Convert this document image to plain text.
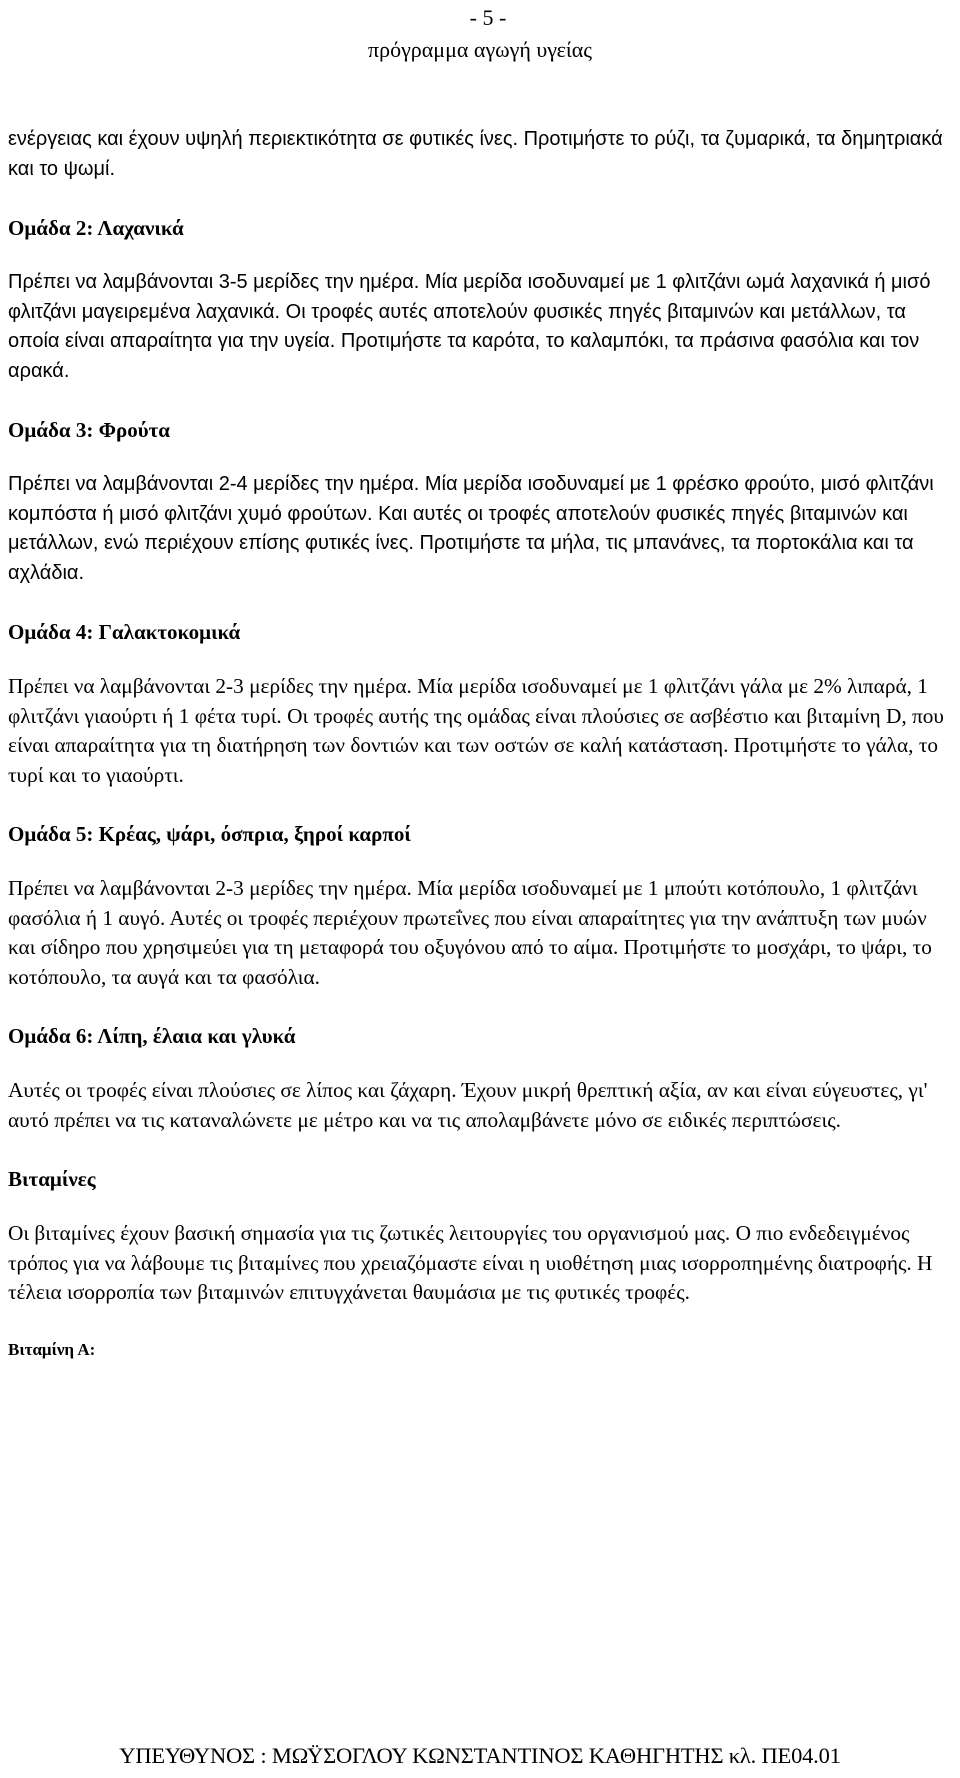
- 5 -
πρόγραμμα αγωγή υγείας

ενέργειας και έχουν υψηλή περιεκτικότητα σε φυτικές ίνες. Προτιμήστε το ρύζι, τα ζυμαρικά, τα δημητριακά και το ψωμί.

Ομάδα 2: Λαχανικά

Πρέπει να λαμβάνονται 3-5 μερίδες την ημέρα. Μία μερίδα ισοδυναμεί με 1 φλιτζάνι ωμά λαχανικά ή μισό φλιτζάνι μαγειρεμένα λαχανικά. Οι τροφές αυτές αποτελούν φυσικές πηγές βιταμινών και μετάλλων, τα οποία είναι απαραίτητα για την υγεία. Προτιμήστε τα καρότα, το καλαμπόκι, τα πράσινα φασόλια και τον αρακά.

Ομάδα 3: Φρούτα

Πρέπει να λαμβάνονται 2-4 μερίδες την ημέρα. Μία μερίδα ισοδυναμεί με 1 φρέσκο φρούτο, μισό φλιτζάνι κομπόστα ή μισό φλιτζάνι χυμό φρούτων. Και αυτές οι τροφές αποτελούν φυσικές πηγές βιταμινών και μετάλλων, ενώ περιέχουν επίσης φυτικές ίνες. Προτιμήστε τα μήλα, τις μπανάνες, τα πορτοκάλια και τα αχλάδια.

Ομάδα 4: Γαλακτοκομικά

Πρέπει να λαμβάνονται 2-3 μερίδες την ημέρα. Μία μερίδα ισοδυναμεί με 1 φλιτζάνι γάλα με 2% λιπαρά, 1 φλιτζάνι γιαούρτι ή 1 φέτα τυρί. Οι τροφές αυτής της ομάδας είναι πλούσιες σε ασβέστιο και βιταμίνη D, που είναι απαραίτητα για τη διατήρηση των δοντιών και των οστών σε καλή κατάσταση. Προτιμήστε το γάλα, το τυρί και το γιαούρτι.

Ομάδα 5: Κρέας, ψάρι, όσπρια, ξηροί καρποί

Πρέπει να λαμβάνονται 2-3 μερίδες την ημέρα. Μία μερίδα ισοδυναμεί με 1 μπούτι κοτόπουλο, 1 φλιτζάνι φασόλια ή 1 αυγό. Αυτές οι τροφές περιέχουν πρωτεΐνες που είναι απαραίτητες για την ανάπτυξη των μυών και σίδηρο που χρησιμεύει για τη μεταφορά του οξυγόνου από το αίμα. Προτιμήστε το μοσχάρι, το ψάρι, το κοτόπουλο, τα αυγά και τα φασόλια.

Ομάδα 6: Λίπη, έλαια και γλυκά

Αυτές οι τροφές είναι πλούσιες σε λίπος και ζάχαρη. Έχουν μικρή θρεπτική αξία, αν και είναι εύγευστες, γι' αυτό πρέπει να τις καταναλώνετε με μέτρο και να τις απολαμβάνετε μόνο σε ειδικές περιπτώσεις.

Βιταμίνες

Οι βιταμίνες έχουν βασική σημασία για τις ζωτικές λειτουργίες του οργανισμού μας. Ο πιο ενδεδειγμένος τρόπος για να λάβουμε τις βιταμίνες που χρειαζόμαστε είναι η υιοθέτηση μιας ισορροπημένης διατροφής. Η τέλεια ισορροπία των βιταμινών επιτυγχάνεται θαυμάσια με τις φυτικές τροφές.

Βιταμίνη Α:

ΥΠΕΥΘΥΝΟΣ : ΜΩΫΣΟΓΛΟΥ ΚΩΝΣΤΑΝΤΙΝΟΣ ΚΑΘΗΓΗΤΗΣ κλ. ΠΕ04.01
